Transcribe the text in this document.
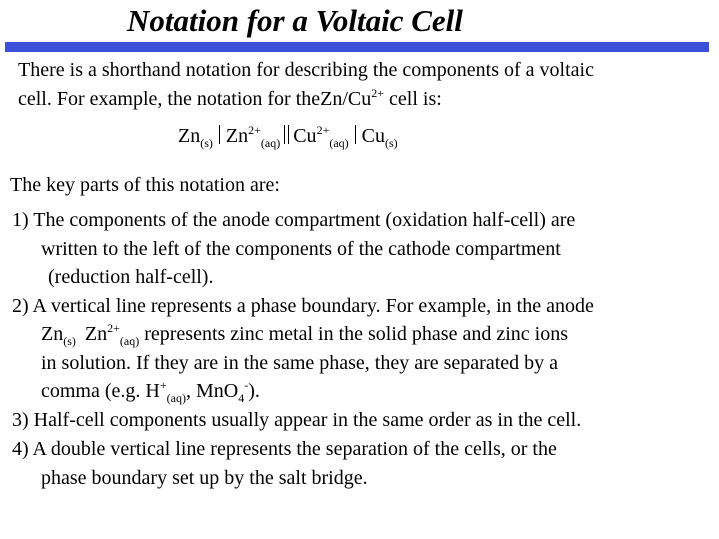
Notation for a Voltaic Cell
There is a shorthand notation for describing the components of a voltaic
cell. For example, the notation for theZn/$Cu^{2+}$ cell is:
$Zn_{(s)}$ $Zn^{2+}_{(aq)}$ $Cu^{2+}_{(aq)}$ $Cu_{(s)}$
The key parts of this notation are:
1) The components of the anode compartment (oxidation half-cell) are
written to the left of the components of the cathode compartment
(reduction half-cell).
2) A vertical line represents a phase boundary. For example, in the anode
$Zn_{(s)}$ $Zn^{2+}_{(aq)}$ represents zinc metal in the solid phase and zinc ions
in solution. If they are in the same phase, they are separated by a
comma (e.g. $H^+_{(aq)}$, MnO$_4$-).
3) Half-cell components usually appear in the same order as in the cell.
4) A double vertical line represents the separation of the cells, or the
phase boundary set up by the salt bridge.
